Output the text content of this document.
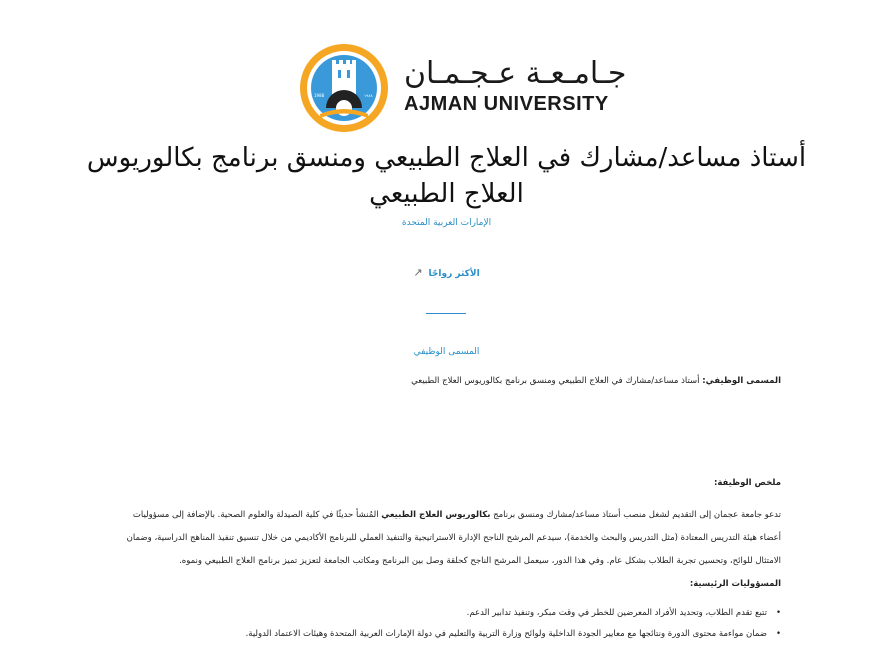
1988	١٩٨٨
جـامـعـة عـجـمـان
AJMAN UNIVERSITY
أستاذ مساعد/مشارك في العلاج الطبيعي ومنسق برنامج بكالوريوس العلاج الطبيعي
الإمارات العربية المتحدة
الأكثر رواجًا↗
المسمى الوظيفي
المسمى الوظيفي: أستاذ مساعد/مشارك في العلاج الطبيعي ومنسق برنامج بكالوريوس العلاج الطبيعي
ملخص الوظيفة:
تدعو جامعة عجمان إلى التقديم لشغل منصب أستاذ مساعد/مشارك ومنسق برنامج بكالوريوس العلاج الطبيعي المُنشأ حديثًا في كلية الصيدلة والعلوم الصحية. بالإضافة إلى مسؤوليات أعضاء هيئة التدريس المعتادة (مثل التدريس والبحث والخدمة)، سيدعم المرشح الناجح الإدارة الاستراتيجية والتنفيذ العملي للبرنامج الأكاديمي من خلال تنسيق تنفيذ المناهج الدراسية، وضمان الامتثال للوائح، وتحسين تجربة الطلاب بشكل عام. وفي هذا الدور، سيعمل المرشح الناجح كحلقة وصل بين البرنامج ومكاتب الجامعة لتعزيز تميز برنامج العلاج الطبيعي ونموه.
المسؤوليات الرئيسية:
•
تتبع تقدم الطلاب، وتحديد الأفراد المعرضين للخطر في وقت مبكر، وتنفيذ تدابير الدعم.
•
ضمان مواءمة محتوى الدورة ونتائجها مع معايير الجودة الداخلية ولوائح وزارة التربية والتعليم في دولة الإمارات العربية المتحدة وهيئات الاعتماد الدولية.
